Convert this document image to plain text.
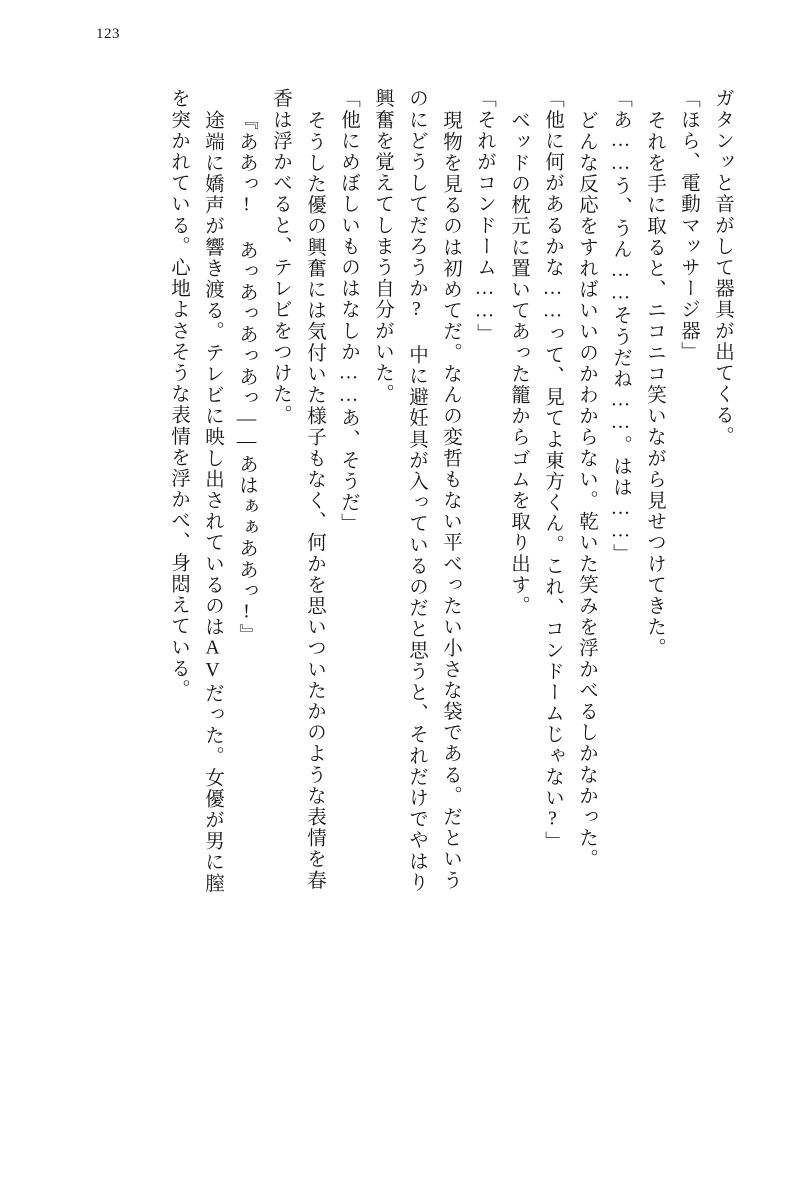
123
ガタンッと音がして器具が出てくる。
「ほら、電動マッサージ器」
それを手に取ると、ニコニコ笑いながら見せつけてきた。
「あ……う、うん……そうだね……。はは……」
どんな反応をすればいいのかわからない。乾いた笑みを浮かべるしかなかった。
「他に何があるかな……って、見てよ東方くん。これ、コンドームじゃない?」
ベッドの枕元に置いてあった籠からゴムを取り出す。
「それがコンドーム……」
現物を見るのは初めてだ。なんの変哲もない平べったい小さな袋である。だという
のにどうしてだろうか? 中に避妊具が入っているのだと思うと、それだけでやはり
興奮を覚えてしまう自分がいた。
「他にめぼしいものはなしか……あ、そうだ」
そうした優の興奮には気付いた様子もなく、何かを思いついたかのような表情を春
香は浮かべると、テレビをつけた。
『ああっ! あっあっあっあっ——あはぁぁああっ!』
途端に嬌声が響き渡る。テレビに映し出されているのはAVだった。女優が男に膣
を突かれている。心地よさそうな表情を浮かべ、身悶えている。
